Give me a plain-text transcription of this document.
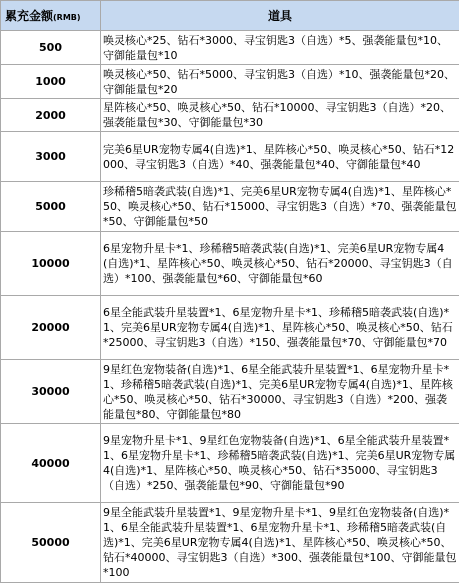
累充金额(RMB)	道具
500	唤灵核心*25、钻石*3000、寻宝钥匙3（自选）*5、强袭能量包*10、守御能量包*10
1000	唤灵核心*50、钻石*5000、寻宝钥匙3（自选）*10、强袭能量包*20、守御能量包*20
2000	星阵核心*50、唤灵核心*50、钻石*10000、寻宝钥匙3（自选）*20、强袭能量包*30、守御能量包*30
3000	完美6星UR宠物专属4(自选)*1、星阵核心*50、唤灵核心*50、钻石*12000、寻宝钥匙3（自选）*40、强袭能量包*40、守御能量包*40
5000	珍稀稽5暗袭武装(自选)*1、完美6星UR宠物专属4(自选)*1、星阵核心*50、唤灵核心*50、钻石*15000、寻宝钥匙3（自选）*70、强袭能量包*50、守御能量包*50
10000	6星宠物升星卡*1、珍稀稽5暗袭武装(自选)*1、完美6星UR宠物专属4(自选)*1、星阵核心*50、唤灵核心*50、钻石*20000、寻宝钥匙3（自选）*100、强袭能量包*60、守御能量包*60
20000	6星全能武装升星装置*1、6星宠物升星卡*1、珍稀稽5暗袭武装(自选)*1、完美6星UR宠物专属4(自选)*1、星阵核心*50、唤灵核心*50、钻石*25000、寻宝钥匙3（自选）*150、强袭能量包*70、守御能量包*70
30000	9星红色宠物装备(自选)*1、6星全能武装升星装置*1、6星宠物升星卡*1、珍稀稽5暗袭武装(自选)*1、完美6星UR宠物专属4(自选)*1、星阵核心*50、唤灵核心*50、钻石*30000、寻宝钥匙3（自选）*200、强袭能量包*80、守御能量包*80
40000	9星宠物升星卡*1、9星红色宠物装备(自选)*1、6星全能武装升星装置*1、6星宠物升星卡*1、珍稀稽5暗袭武装(自选)*1、完美6星UR宠物专属4(自选)*1、星阵核心*50、唤灵核心*50、钻石*35000、寻宝钥匙3（自选）*250、强袭能量包*90、守御能量包*90
50000	9星全能武装升星装置*1、9星宠物升星卡*1、9星红色宠物装备(自选)*1、6星全能武装升星装置*1、6星宠物升星卡*1、珍稀稽5暗袭武装(自选)*1、完美6星UR宠物专属4(自选)*1、星阵核心*50、唤灵核心*50、钻石*40000、寻宝钥匙3（自选）*300、强袭能量包*100、守御能量包*100
